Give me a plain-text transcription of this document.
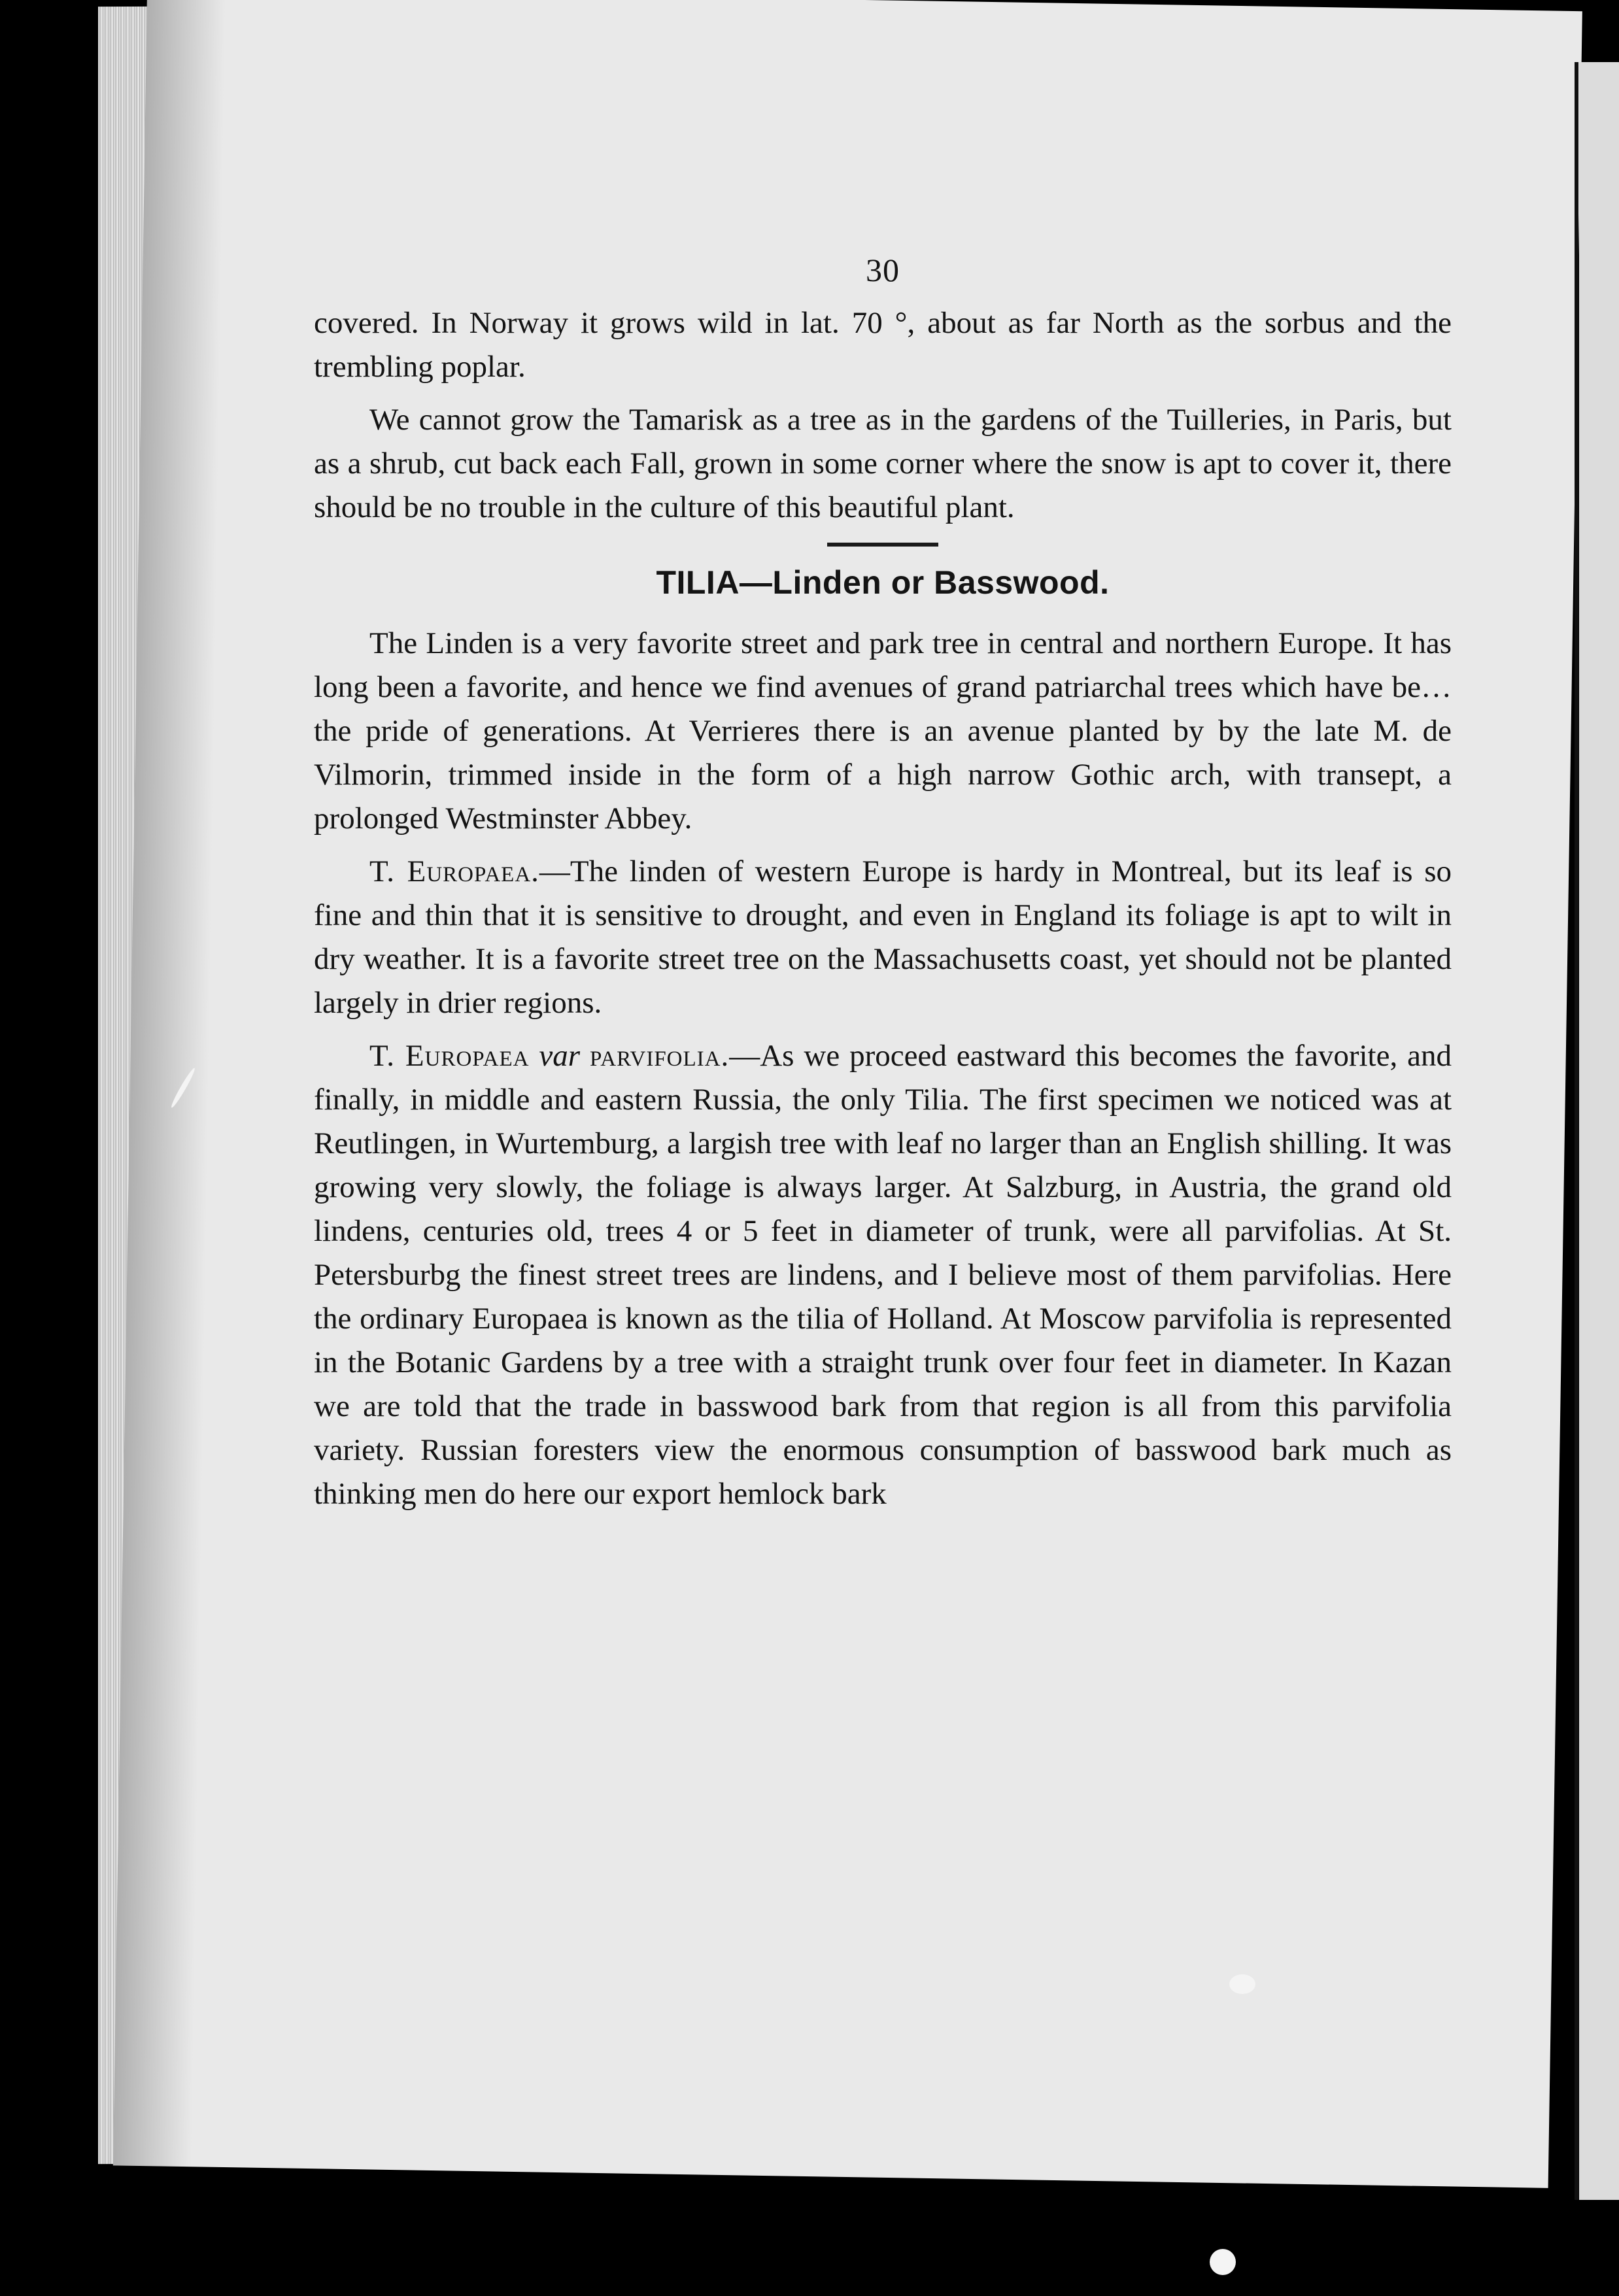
30

covered. In Norway it grows wild in lat. 70 °, about as far North as the sorbus and the trembling poplar.

We cannot grow the Tamarisk as a tree as in the gardens of the Tuilleries, in Paris, but as a shrub, cut back each Fall, grown in some corner where the snow is apt to cover it, there should be no trouble in the culture of this beautiful plant.

TILIA—Linden or Basswood.

The Linden is a very favorite street and park tree in central and northern Europe. It has long been a favorite, and hence we find avenues of grand patriarchal trees which have be… the pride of generations. At Verrieres there is an avenue planted by by the late M. de Vilmorin, trimmed inside in the form of a high narrow Gothic arch, with transept, a prolonged Westminster Abbey.

T. Europaea.—The linden of western Europe is hardy in Montreal, but its leaf is so fine and thin that it is sensitive to drought, and even in England its foliage is apt to wilt in dry weather. It is a favorite street tree on the Massachusetts coast, yet should not be planted largely in drier regions.

T. Europaea var parvifolia.—As we proceed eastward this becomes the favorite, and finally, in middle and eastern Russia, the only Tilia. The first specimen we noticed was at Reutlingen, in Wurtemburg, a largish tree with leaf no larger than an English shilling. It was growing very slowly, the foliage is always larger. At Salzburg, in Austria, the grand old lindens, centuries old, trees 4 or 5 feet in diameter of trunk, were all parvifolias. At St. Petersburbg the finest street trees are lindens, and I believe most of them parvifolias. Here the ordinary Europaea is known as the tilia of Holland. At Moscow parvifolia is represented in the Botanic Gardens by a tree with a straight trunk over four feet in diameter. In Kazan we are told that the trade in basswood bark from that region is all from this parvifolia variety. Russian foresters view the enormous consumption of basswood bark much as thinking men do here our export hemlock bark
